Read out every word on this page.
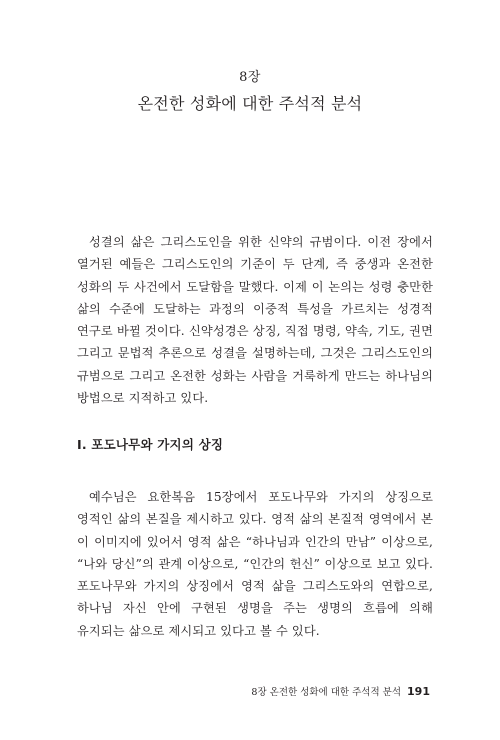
8장
온전한 성화에 대한 주석적 분석

성결의 삶은 그리스도인을 위한 신약의 규범이다. 이전 장에서 열거된 예들은 그리스도인의 기준이 두 단계, 즉 중생과 온전한 성화의 두 사건에서 도달함을 말했다. 이제 이 논의는 성령 충만한 삶의 수준에 도달하는 과정의 이중적 특성을 가르치는 성경적 연구로 바뀔 것이다. 신약성경은 상징, 직접 명령, 약속, 기도, 권면 그리고 문법적 추론으로 성결을 설명하는데, 그것은 그리스도인의 규범으로 그리고 온전한 성화는 사람을 거룩하게 만드는 하나님의 방법으로 지적하고 있다.

Ⅰ. 포도나무와 가지의 상징

예수님은 요한복음 15장에서 포도나무와 가지의 상징으로 영적인 삶의 본질을 제시하고 있다. 영적 삶의 본질적 영역에서 본 이 이미지에 있어서 영적 삶은 “하나님과 인간의 만남” 이상으로, “나와 당신”의 관계 이상으로, “인간의 헌신” 이상으로 보고 있다. 포도나무와 가지의 상징에서 영적 삶을 그리스도와의 연합으로, 하나님 자신 안에 구현된 생명을 주는 생명의 흐름에 의해 유지되는 삶으로 제시되고 있다고 볼 수 있다.

8장 온전한 성화에 대한 주석적 분석 191
